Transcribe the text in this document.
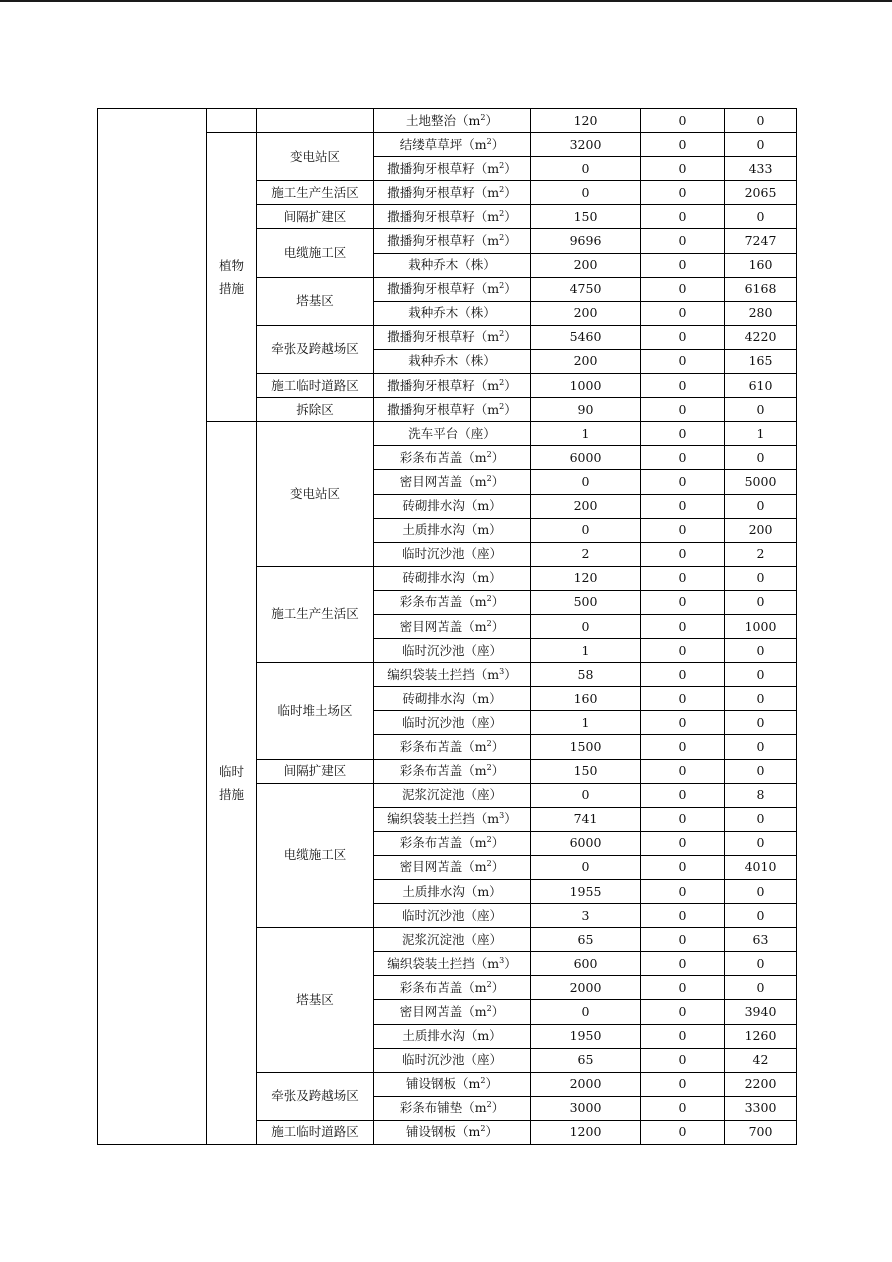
			土地整治$(m^2)$	120	0	0
	植物措施	变电站区	结缕草草坪$(m^2)$	3200	0	0
			撒播狗牙根草籽$(m^2)$	0	0	433
		施工生产生活区	撒播狗牙根草籽$(m^2)$	0	0	2065
		间隔扩建区	撒播狗牙根草籽$(m^2)$	150	0	0
		电缆施工区	撒播狗牙根草籽$(m^2)$	9696	0	7247
			栽种乔木（株）	200	0	160
		塔基区	撒播狗牙根草籽$(m^2)$	4750	0	6168
			栽种乔木（株）	200	0	280
		牵张及跨越场区	撒播狗牙根草籽$(m^2)$	5460	0	4220
			栽种乔木（株）	200	0	165
		施工临时道路区	撒播狗牙根草籽$(m^2)$	1000	0	610
		拆除区	撒播狗牙根草籽$(m^2)$	90	0	0
	临时措施	变电站区	洗车平台（座）	1	0	1
			彩条布苫盖$(m^2)$	6000	0	0
			密目网苫盖$(m^2)$	0	0	5000
			砖砌排水沟（m）	200	0	0
			土质排水沟（m）	0	0	200
			临时沉沙池（座）	2	0	2
		施工生产生活区	砖砌排水沟（m）	120	0	0
			彩条布苫盖$(m^2)$	500	0	0
			密目网苫盖$(m^2)$	0	0	1000
			临时沉沙池（座）	1	0	0
		临时堆土场区	编织袋装土拦挡$(m^3)$	58	0	0
			砖砌排水沟（m）	160	0	0
			临时沉沙池（座）	1	0	0
			彩条布苫盖$(m^2)$	1500	0	0
		间隔扩建区	彩条布苫盖$(m^2)$	150	0	0
		电缆施工区	泥浆沉淀池（座）	0	0	8
			编织袋装土拦挡$(m^3)$	741	0	0
			彩条布苫盖$(m^2)$	6000	0	0
			密目网苫盖$(m^2)$	0	0	4010
			土质排水沟（m）	1955	0	0
			临时沉沙池（座）	3	0	0
		塔基区	泥浆沉淀池（座）	65	0	63
			编织袋装土拦挡$(m^3)$	600	0	0
			彩条布苫盖$(m^2)$	2000	0	0
			密目网苫盖$(m^2)$	0	0	3940
			土质排水沟（m）	1950	0	1260
			临时沉沙池（座）	65	0	42
		牵张及跨越场区	铺设钢板$(m^2)$	2000	0	2200
			彩条布铺垫$(m^2)$	3000	0	3300
		施工临时道路区	铺设钢板$(m^2)$	1200	0	700
